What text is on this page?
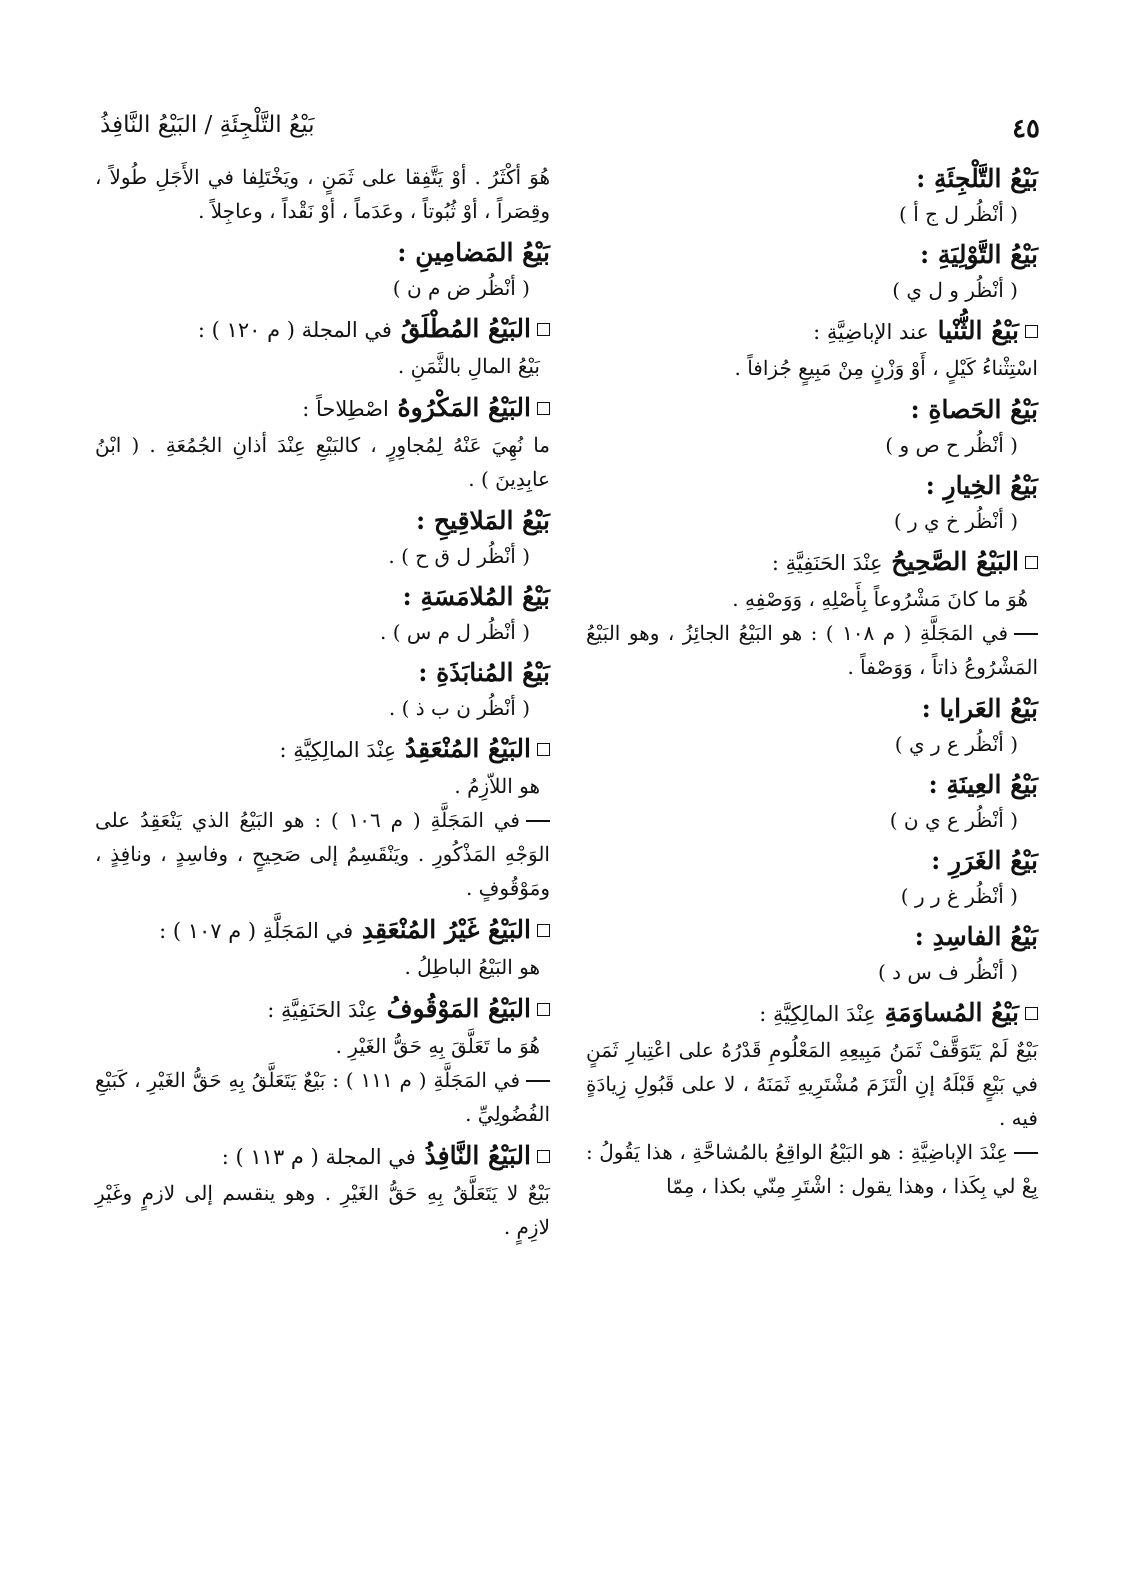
٤٥
بَيْعُ التَّلْجِئَةِ / البَيْعُ النَّافِذُ

بَيْعُ التَّلْجِئَةِ :

( أنْظُر ل ج أ )

بَيْعُ التَّوْلِيَةِ :

( أنْظُر و ل ي )

بَيْعُ الثُّنْيا عند الإباضِيَّةِ :

اسْتِثْناءُ كَيْلٍ ، أَوْ وَزْنٍ مِنْ مَبِيعٍ جُزافاً .

بَيْعُ الحَصاةِ :

( أنْظُر ح ص و )

بَيْعُ الخِيارِ :

( أنْظُر خ ي ر )

البَيْعُ الصَّحِيحُ عِنْدَ الحَنَفِيَّةِ :

هُوَ ما كانَ مَشْرُوعاً بِأَصْلِهِ ، وَوَصْفِهِ .

في المَجَلَّةِ ( م ١٠٨ ) : هو البَيْعُ الجائِزُ ، وهو البَيْعُ المَشْرُوعُ ذاتاً ، وَوَصْفاً .

بَيْعُ العَرايا :

( أنْظُر ع ر ي )

بَيْعُ العِينَةِ :

( أنْظُر ع ي ن )

بَيْعُ الغَرَرِ :

( أنْظُر غ ر ر )

بَيْعُ الفاسِدِ :

( أنْظُر ف س د )

بَيْعُ المُساوَمَةِ عِنْدَ المالِكِيَّةِ :

بَيْعٌ لَمْ يَتَوَقَّفْ ثَمَنُ مَبِيعِهِ المَعْلُومِ قَدْرُهُ على اعْتِبارِ ثَمَنٍ في بَيْعٍ قَبْلَهُ إنِ الْتَزَمَ مُشْتَرِيهِ ثَمَنَهُ ، لا على قَبُولِ زِيادَةٍ فيه .

عِنْدَ الإباضِيَّةِ : هو البَيْعُ الواقِعُ بالمُشاحَّةِ ، هذا يَقُولُ : بِعْ لي بِكَذا ، وهذا يقول : اشْتَرِ مِنّي بكذا ، مِمّا

هُوَ أكْثَرُ . أوْ يَتَّفِقا على ثَمَنٍ ، ويَخْتَلِفا في الأَجَلِ طُولاً ، وقِصَراً ، أوْ ثُبُوتاً ، وعَدَماً ، أوْ نَقْداً ، وعاجِلاً .

بَيْعُ المَضامِينِ :

( أنْظُر ض م ن )

البَيْعُ المُطْلَقُ في المجلة ( م ١٢٠ ) :

بَيْعُ المالِ بالثَّمَنِ .

البَيْعُ المَكْرُوهُ اصْطِلاحاً :

ما نُهِيَ عَنْهُ لِمُجاوِرٍ ، كالبَيْعِ عِنْدَ أذانِ الجُمُعَةِ . ( ابْنُ عابِدِينَ ) .

بَيْعُ المَلاقِيحِ :

( أنْظُر ل ق ح ) .

بَيْعُ المُلامَسَةِ :

( أنْظُر ل م س ) .

بَيْعُ المُنابَذَةِ :

( أنْظُر ن ب ذ ) .

البَيْعُ المُنْعَقِدُ عِنْدَ المالِكِيَّةِ :

هو اللاّزِمُ .

في المَجَلَّةِ ( م ١٠٦ ) : هو البَيْعُ الذي يَنْعَقِدُ على الوَجْهِ المَذْكُورِ . ويَنْقَسِمُ إلى صَحِيحٍ ، وفاسِدٍ ، ونافِذٍ ، ومَوْقُوفٍ .

البَيْعُ غَيْرُ المُنْعَقِدِ في المَجَلَّةِ ( م ١٠٧ ) :

هو البَيْعُ الباطِلُ .

البَيْعُ المَوْقُوفُ عِنْدَ الحَنَفِيَّةِ :

هُوَ ما تَعَلَّقَ بِهِ حَقُّ الغَيْرِ .

في المَجَلَّةِ ( م ١١١ ) : بَيْعٌ يَتَعَلَّقُ بِهِ حَقُّ الغَيْرِ ، كَبَيْعِ الفُضُولِيِّ .

البَيْعُ النَّافِذُ في المجلة ( م ١١٣ ) :

بَيْعٌ لا يَتَعَلَّقُ بِهِ حَقُّ الغَيْرِ . وهو ينقسم إلى لازمٍ وغَيْرِ لازِمٍ .
